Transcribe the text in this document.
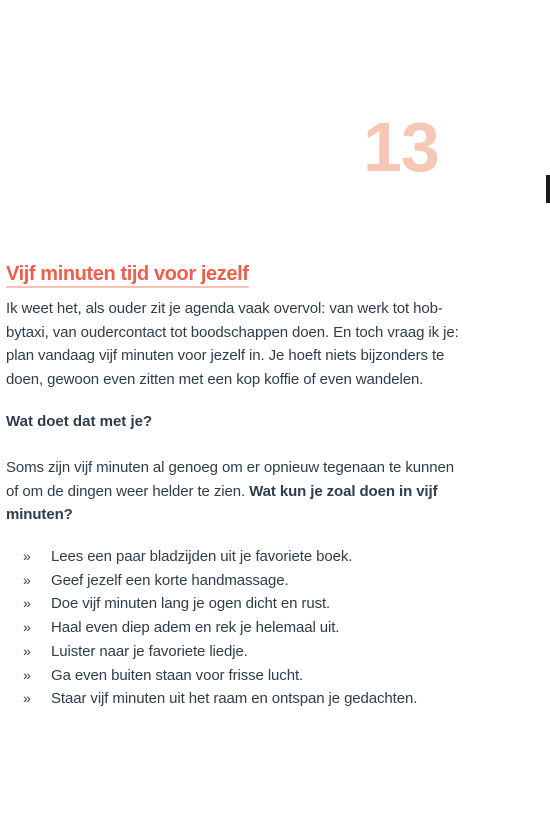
13
Vijf minuten tijd voor jezelf

Ik weet het, als ouder zit je agenda vaak overvol: van werk tot hob-
bytaxi, van oudercontact tot boodschappen doen. En toch vraag ik je:
plan vandaag vijf minuten voor jezelf in. Je hoeft niets bijzonders te
doen, gewoon even zitten met een kop koffie of even wandelen.

Wat doet dat met je?

Soms zijn vijf minuten al genoeg om er opnieuw tegenaan te kunnen of om de dingen weer helder te zien. Wat kun je zoal doen in vijf minuten?

» Lees een paar bladzijden uit je favoriete boek.
» Geef jezelf een korte handmassage.
» Doe vijf minuten lang je ogen dicht en rust.
» Haal even diep adem en rek je helemaal uit.
» Luister naar je favoriete liedje.
» Ga even buiten staan voor frisse lucht.
» Staar vijf minuten uit het raam en ontspan je gedachten.
